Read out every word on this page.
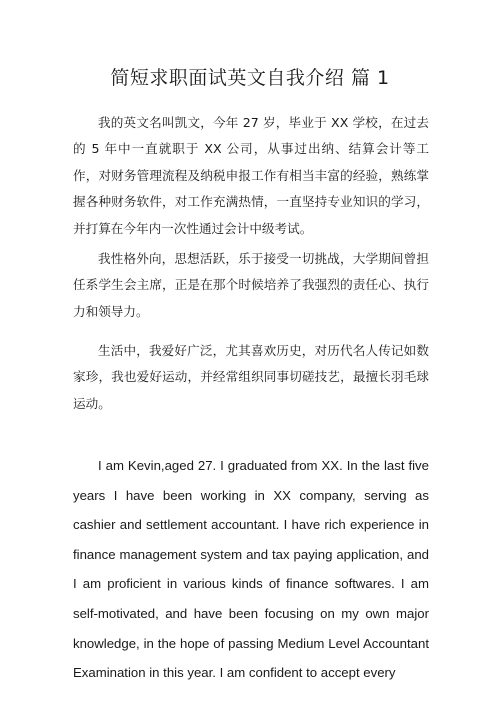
简短求职面试英文自我介绍 篇 1

我的英文名叫凯文，今年 27 岁，毕业于 XX 学校，在过去的 5 年中一直就职于 XX 公司，从事过出纳、结算会计等工作，对财务管理流程及纳税申报工作有相当丰富的经验，熟练掌握各种财务软件，对工作充满热情，一直坚持专业知识的学习，并打算在今年内一次性通过会计中级考试。

我性格外向，思想活跃，乐于接受一切挑战，大学期间曾担任系学生会主席，正是在那个时候培养了我强烈的责任心、执行力和领导力。

生活中，我爱好广泛，尤其喜欢历史，对历代名人传记如数家珍，我也爱好运动，并经常组织同事切磋技艺，最擅长羽毛球运动。

I am Kevin,aged 27. I graduated from XX. In the last five years I have been working in XX company, serving as cashier and settlement accountant. I have rich experience in finance management system and tax paying application, and I am proficient in various kinds of finance softwares. I am self-motivated, and have been focusing on my own major knowledge, in the hope of passing Medium Level Accountant Examination in this year. I am confident to accept every
